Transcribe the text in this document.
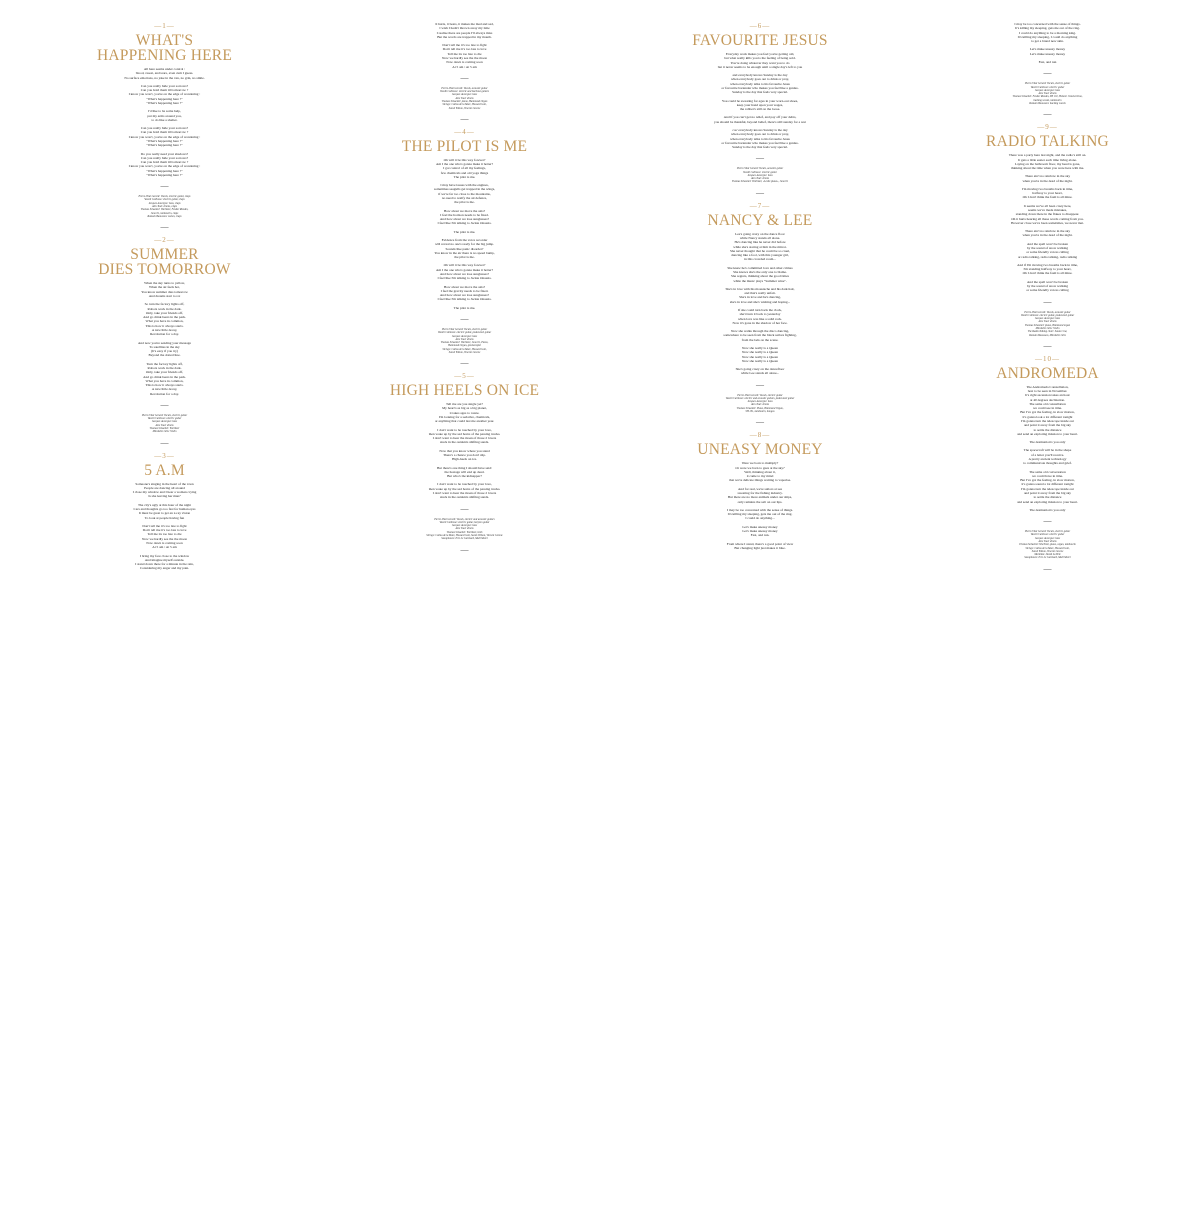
— 1 —
WHAT'S
HAPPENING HERE
All here seems under control :
blood, sweat, and tears, even cum I guess.
No surface emotions, no joke in the van, no grin, no smile.
Can you really hide your sorrows?
Can you hold them till tomorrow ?
I know you won't, you're on the edge of wondering :
"What's happening here ?"
"What's happening here ?"
I'd like to be some help,
put my arms around you,
to do like a shelter.
Can you really hide your sorrows?
Can you hold them till tomorrow ?
I know you won't, you're on the edge of wondering :
"What's happening here ?"
"What's happening here ?"
Do you really need your shadows?
Can you really hide your sorrows?
Can you hold them till tomorrow ?
I know you won't, you're on the edge of wondering :
"What's happening here ?"
"What's happening here ?"
—
Pierre-Vital Gerard: Vocals, electric guitar, claps
Vassili Caillosse: electric guitar, claps
Jacques Auvergne: bass, claps
Alex Tual: drums, claps
Thomas Schaettel: Wurlitzer, Fender Rhodes,
Juno 61, tambourin, claps
Romain Baousson: noises, claps
—
— 2 —
SUMMER
DIES TOMORROW
When the sky turns to yellow,
When the air feels hot,
You know summer dies tomorrow
And dreams start to rot
So turn the factory lights off,
Robots work in the dark.
Only, take your friends off,
And go drink beers in the park.
What you have in common,
This is how it always starts.
A nice little decay,
Revolution for a day.
And now you're sending your message
To satellites in the sky
(It's easy if you try)
Beyond the dotted line.
Turn the factory lights off,
Robots work in the dark.
Only, take your friends off,
And go drink beers in the park.
What you have in common,
This is how it always starts.
A nice little decay,
Revolution for a day.
—
Pierre-Vital Gerard: Vocals, electric guitar
Vassili Caillosse: electric guitar
Jacques Auvergne: bass
Alex Tual: drums
Thomas Schaettel: Wurlitzer
Mirabelle Gilis: Violin
—
— 3 —
5 A.M
Someone's singing in the heart of the town
People are dancing all around
I close my window and I hear a woman crying
Is she leaving her man?
The city's ugly at this hour of the night
Cars and thoughts go too fast for human eyes
It must be great to get an x-ray vision
To look at people having fun
Don't tell me it's too late to fight
Don't tell me it's too late to love
Tell me its too late to die
Now we hardly see the the moon
Now dawn is coming soon
At 5 am / At 5 am
I bring my face close to the window
And imagine myself outside.
I stand down there for a minute in the rain,
Considering my anger and my pain.
It hurts, it beats, it makes me mad and sad,
I wish I hadn't thrown away my time
I realise there are people I'll always miss
But the words are trapped in my mouth.
Don't tell me it's too late to fight
Don't tell me it's too late to love
Tell me its too late to die
Now we hardly see the the moon
Now dawn is coming soon
At 5 am / At 5 am
—
Pierre-Vital Gerard: Vocals, acoustic guitar
Vassili Caillosse: electric and baritone guitars
Jacques Auvergne: bass
Alex Tual: drums
Thomas Schaettel: piano, Hammond Organ
Strings: Calina de la Mare, Howard Gott,
Sarah Wilson, Vincent Greene
—
— 4 —
THE PILOT IS ME
Oh will it be this way forever?
Am I the one who's gonna make it better?
I got control of all my feelings,
few chemicals and old yoga things
The pilot is me.
I may have issues with the engines,
sometimes seagulls get trapped in the wings,
if we're far too close to the mountains,
no need to notify the air defence,
the pilot is me.
How about we move the axis?
I feel the horizon needs to be fixed.
And how about we lose sunglasses?
I feel like I'm talking to Jackie Onassis.
The pilot is me.
Evidence from the voice recorder
will reveal no one's ready for the big jump.
Sounds like panic disorder?
You know in the air there is no speed bump,
the pilot is me.
Oh will it be this way forever?
Am I the one who's gonna make it better?
And how about we lose sunglasses?
I feel like I'm talking to Jackie Onassis.
How about we move the axis?
I feel the gravity needs to be fixed.
And how about we lose sunglasses?
I feel like I'm talking to Jackie Onassis.
The pilot is me.
—
Pierre-Vital Gerard: Vocals, electric guitar
Vassili Caillosse: electric guitar, pedal-steel guitar
Jacques Auvergne: bass
Alex Tual: drums
Thomas Schaettel: Wurlitzer, Juno 61, Piano,
Hammond Organ, glockenspiel
Strings: Calina de la Mare, Howard Gott,
Sarah Wilson, Vincent Greene
—
— 5 —
HIGH HEELS ON ICE
Tell me are you single yet?
My heart's as big as a big planet,
it takes ages to rotate.
I'm looking for a sedative, chemicals,
or anything that could last me another year.
I don't want to be touched by your love,
then woke up by the sad horns of the passing trucks.
I don't want to hear the moan of those 2 lovers
stuck in the outskirts shifting sands.
Now that you know where you stand
There's a chance you don't slip.
High-heels on ice.
But there's one thing I should have said:
the hostage will end up dead.
But who's the kidnapper?
I don't want to be touched by your love,
then woke up by the sad horns of the passing trucks.
I don't want to hear the moan of those 2 lovers
stuck in the outskirts shifting sands.
—
Pierre-Vital Gerard: Vocals, electric and acoustic guitars
Vassili Caillosse: electric guitar, baryton guitar
Jacques Auvergne: bass
Alex Tual: drums
Thomas Schaettel: Wurlitzer, bells
Strings: Calina de la Mare, Howard Gott, Sarah Wilson, Vincent Greene
Saxophones: Eric Le Guichard, Maël Morel
—
— 6 —
FAVOURITE JESUS
Everyday work makes you feel you're getting old,
but what really kills you is the feeling of being sold.
You're doing whatever they want you to do
but it never seems to be enough until a single day's left to you
and everybody knows Sunday is the day
when everybody goes out to drink or pray,
when everybody talks to his favourite Jesus
or favourite bartender who makes you feel like a genius.
Sunday is the day that feels very special.
You could be sweating for ages in your worn-out shoes,
keep your hand upon your wages,
the robber's still on the loose.
And if you can't get no relief, and pay off your debts,
you should be thankful, beyond belief, there's still sunday for a rest
cos' everybody knows Sunday is the day
when everybody goes out to drink or pray,
when everybody talks to his favourite Jesus
or favourite bartender who makes you feel like a genius.
Sunday is the day that feels very special.
—
Pierre-Vital Gerard: Vocals, acoustic guitar
Vassili Caillosse: electric guitar
Jacques Auvergne: bass
Alex Tual: drums
Thomas Schaettel: Wurlitzer, «Leslie piano», Juno 61
—
— 7 —
NANCY & LEE
Lee's going crazy on the dance floor
while Nancy stands all alone.
He's dancing like he never did before
while she's staring at him in the mirror.
She never thought that he could be so cruel,
dancing like a fool, with this younger girl,
in this crowded room...
She knew he's committed love and other crimes
She knows she's the only one to blame.
She regrets, thinking about the good times
while the music plays "Summer wine".
She's in love with his moustache and his dark hair,
and that's really unfair.
She's in love and he's dancing,
she's in love and she's wishing and hoping...
If she could turn back the clock,
she'd turn it back to yesterday
when love was like a solid rock.
Now it's gone in the shadow of her face.
Now she walks through the disco dancing,
somewhere to be seen from the black sailors fighting,
from the lads on the scene.
Now she really is a Queen
Now she really is a Queen
Now she really is a Queen
Now she really is a Queen
She's going crazy on the dancefloor
while Lee stands all alone...
—
Pierre-Vital Gerard: Vocals, electric guitar
Vassili Caillosse: electric and acoustic guitars, pedal-steel guitar
Jacques Auvergne: bass
Alex Tual: drums
Thomas Schaettel: Piano, Hammond Organ,
SH 101, tambourin, bongos
—
— 8 —
UNEASY MONEY
Were we born to multiply?
Or were we born to gaze at the sky?
Well, thinking about it,
it came to my mind
that we're delicate things waiting to vaporise.
And for real, we're sailors at sea
sweating for the fishing industry.
But there are no more animals under our ships,
only remains the salt on our lips.
I may be too concerned with the sense of things.
It's killing my sleeping, gets me out of the ring.
I could do anything...
Let's make uneasy money
Let's make uneasy money
Fast, and run.
From where I stand, there's a good point of view
But changing light just makes it blue.
I may be too concerned with the sense of things.
It's killing my sleeping, gets me out of the ring.
I could do anything to be a morning king.
It's killing my sleeping, I could do anything
to get a brand new skin.
Let's make uneasy money
Let's make uneasy money
Fast, and run
—
Pierre-Vital Gerard: Vocals, electric guitar
Vassili Caillosse: electric guitar
Jacques Auvergne: bass
Alex Tual: drums
Thomas Schaettel: Fender Rhodes, SH 101, Hohner Clavinet Duo,
backing vocals, tambourin
Romain Baousson: backing vocals
—
— 9 —
RADIO TALKING
There was a party here last night, and the radio's still on.
It gets a little easier each time living alone.
Laying on the bathroom floor, my head is gone,
thinking about the time when you were here with me.
There ain't no rainbow in the sky
when you're in the dead of the night.
I'm moving two breaths back in time,
halfway to your heart,
Oh I don't think the fault is all mine.
It seems we've all been crazy here,
seems we've made mistakes,
standing down there in the flakes to disappear.
Oh it hurts hearing all these words coming from you.
However close we've been sometimes, we never met.
There ain't no rainbow in the sky
when you're in the dead of the night.
And the spell won't be broken
by the sound of snow walking
or some friendly voices calling
or radio talking, radio talking, radio talking
And if I'm moving two breaths back in time,
I'm standing halfway to your heart,
Oh I don't think the fault is all mine.
And the spell won't be broken
by the sound of snow walking
or some friendly voices calling
—
Pierre-Vital Gerard: Vocals, acoustic guitar
Vassili Caillosse: electric guitar, pedal-steel guitar
Jacques Auvergne: bass
Alex Tual: drums
Thomas Schaettel: piano, Hammond organ
Mirabelle Gilis: Violin
The Radio Talking choir: Santa Cruz,
Romain Baousson, Mirabelle Gilis
—
— 10 —
ANDROMEDA
The Andromeda Constellation,
best to be seen in November.
It's right ascension takes an hour
at 40 degrees declination.
The same old constellation
we could see in time.
But I've got the feeling, in slow motion,
it's gonna look a lot different tonight
I'm gonna turn the telescope inside out
and point it away from the big sky
to settle the distance
and send an exploring mission to your heart.
The destination's you only
The spacecraft will be in the shape
of a letter you'll receive.
A pretty ancient technology
to communicate thoughts and grief.
The same old conversation
we could have in time.
But I've got the feeling, in slow motion,
it's gonna sound a lot different tonight
I'm gonna turn the telescope inside out
and point it away from the big sky
to settle the distance
and send an exploring mission to your heart.
The destination's you only
—
Pierre-Vital Gerard: Vocals, electric guitar
Vassili Caillosse: electric guitar
Jacques Auvergne: bass
Alex Tual: drums
Thomas Schaettel: Wurlitzer, piano, organ, tambourin
Strings: Calina de la Mare, Howard Gott,
Sarah Wilson, Vincent Greene
Marimba: David La Brie
Saxophones: Eric Le Guichard, Maël Morel
—
